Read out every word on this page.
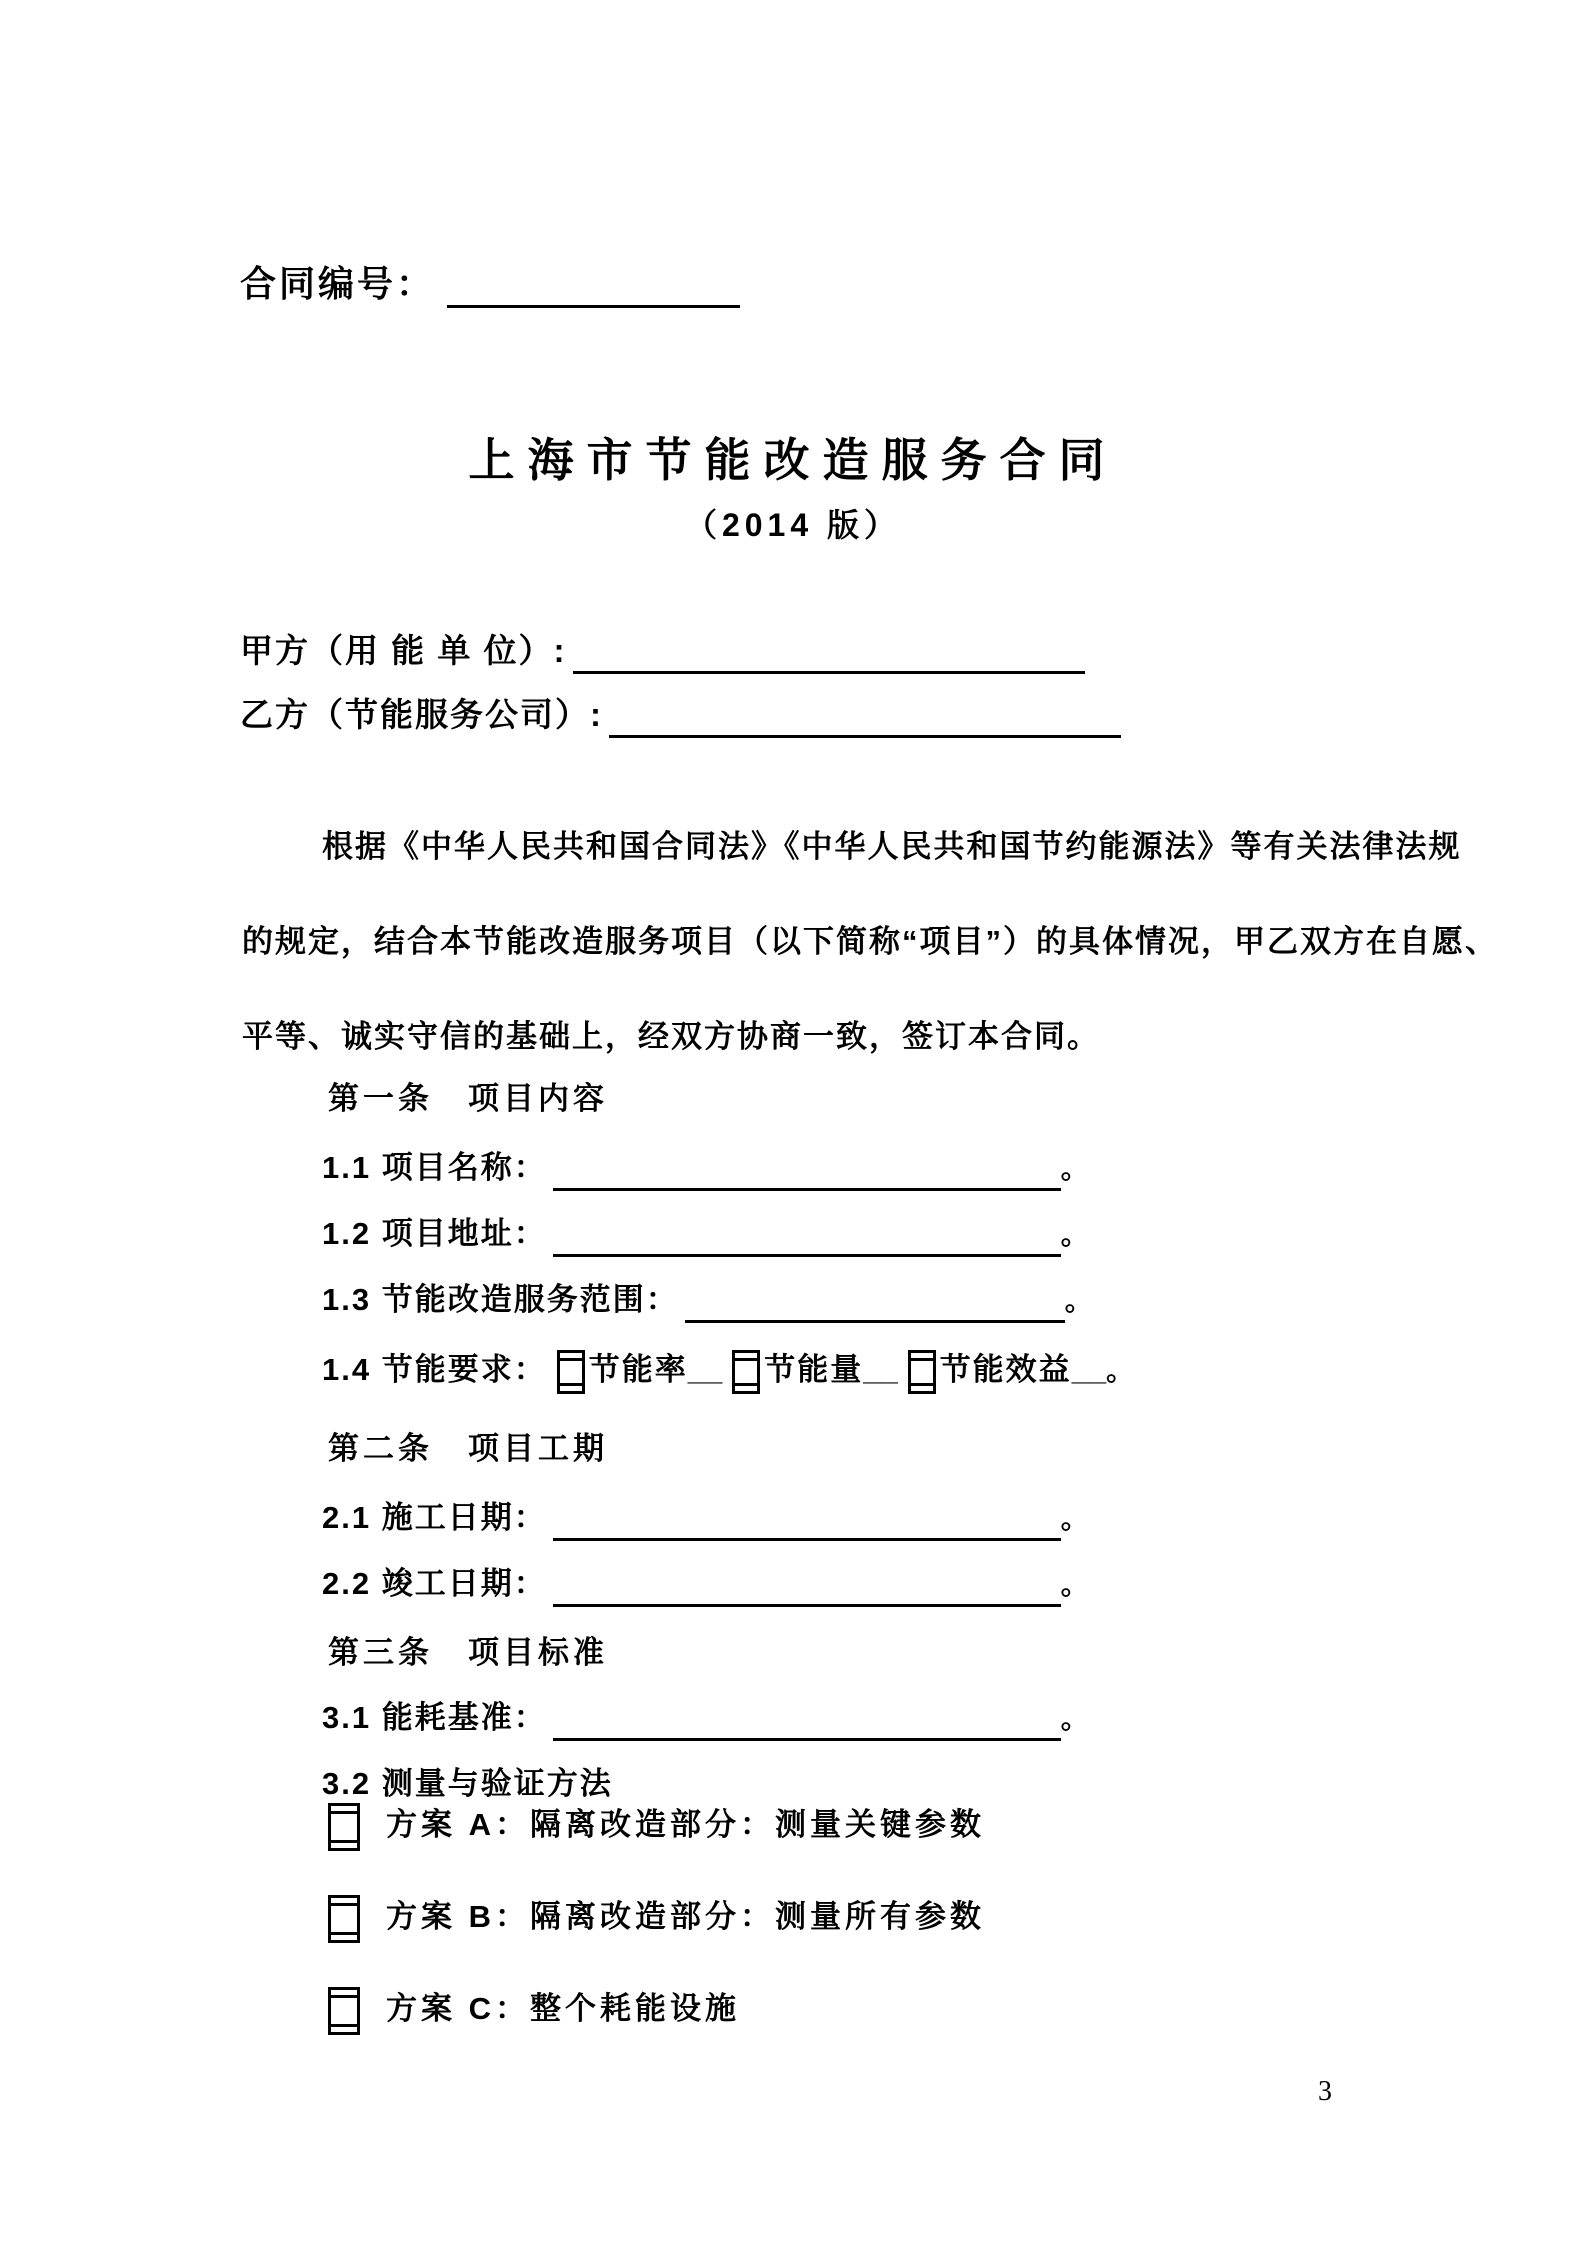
合同编号：
上海市节能改造服务合同
（2014 版）
甲方（用 能 单 位）:
乙方（节能服务公司）:
根据《中华人民共和国合同法》《中华人民共和国节约能源法》等有关法律法规
的规定，结合本节能改造服务项目（以下简称“项目”）的具体情况，甲乙双方在自愿、
平等、诚实守信的基础上，经双方协商一致，签订本合同。
第一条　项目内容
1.1 项目名称：	。
1.2 项目地址：	。
1.3 节能改造服务范围：	。
1.4 节能要求： 节能率__ 节能量__ 节能效益__。
第二条　项目工期
2.1 施工日期：	。
2.2 竣工日期：	。
第三条　项目标准
3.1 能耗基准：	。
3.2 测量与验证方法
方案 A：隔离改造部分：测量关键参数
方案 B：隔离改造部分：测量所有参数
方案 C：整个耗能设施
3
